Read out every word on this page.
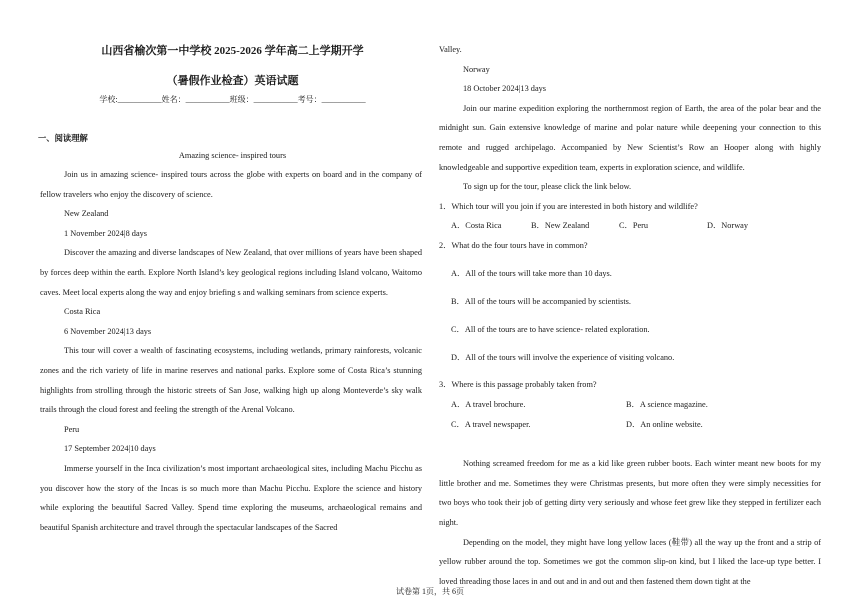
山西省榆次第一中学校 2025-2026 学年高二上学期开学
（暑假作业检查）英语试题
学校:___________姓名：___________班级：___________考号：___________
一、阅读理解
Amazing science- inspired tours

Join us in amazing science- inspired tours across the globe with experts on board and in the company of fellow travelers who enjoy the discovery of science.

New Zealand

1 November 2024|8 days

Discover the amazing and diverse landscapes of New Zealand, that over millions of years have been shaped by forces deep within the earth. Explore North Island’s key geological regions including Island volcano, Waitomo caves. Meet local experts along the way and enjoy briefing s and walking seminars from science experts.

Costa Rica

6 November 2024|13 days

This tour will cover a wealth of fascinating ecosystems, including wetlands, primary rainforests, volcanic zones and the rich variety of life in marine reserves and national parks. Explore some of Costa Rica’s stunning highlights from strolling through the historic streets of San Jose, walking high up along Monteverde’s sky walk trails through the cloud forest and feeling the strength of the Arenal Volcano.

Peru

17 September 2024|10 days

Immerse yourself in the Inca civilization’s most important archaeological sites, including Machu Picchu as you discover how the story of the Incas is so much more than Machu Picchu. Explore the science and history while exploring the beautiful Sacred Valley. Spend time exploring the museums, archaeological remains and beautiful Spanish architecture and travel through the spectacular landscapes of the Sacred

Valley.

Norway

18 October 2024|13 days

Join our marine expedition exploring the northernmost region of Earth, the area of the polar bear and the midnight sun. Gain extensive knowledge of marine and polar nature while deepening your connection to this remote and rugged archipelago. Accompanied by New Scientist’s Row an Hooper along with highly knowledgeable and supportive expedition team, experts in exploration science, and wildlife.

To sign up for the tour, please click the link below.

1．Which tour will you join if you are interested in both history and wildlife?

A．Costa Rica	B．New Zealand	C．Peru	D．Norway

2．What do the four tours have in common?

A．All of the tours will take more than 10 days.

B．All of the tours will be accompanied by scientists.

C．All of the tours are to have science- related exploration.

D．All of the tours will involve the experience of visiting volcano.

3．Where is this passage probably taken from?

A．A travel brochure.	B．A science magazine.
C．A travel newspaper.	D．An online website.

Nothing screamed freedom for me as a kid like green rubber boots. Each winter meant new boots for my little brother and me. Sometimes they were Christmas presents, but more often they were simply necessities for two boys who took their job of getting dirty very seriously and whose feet grew like they stepped in fertilizer each night.

Depending on the model, they might have long yellow laces (鞋带) all the way up the front and a strip of yellow rubber around the top. Sometimes we got the common slip-on kind, but I liked the lace-up type better. I loved threading those laces in and out and in and out and then fastened them down tight at the

试卷第 1页，共 6页
